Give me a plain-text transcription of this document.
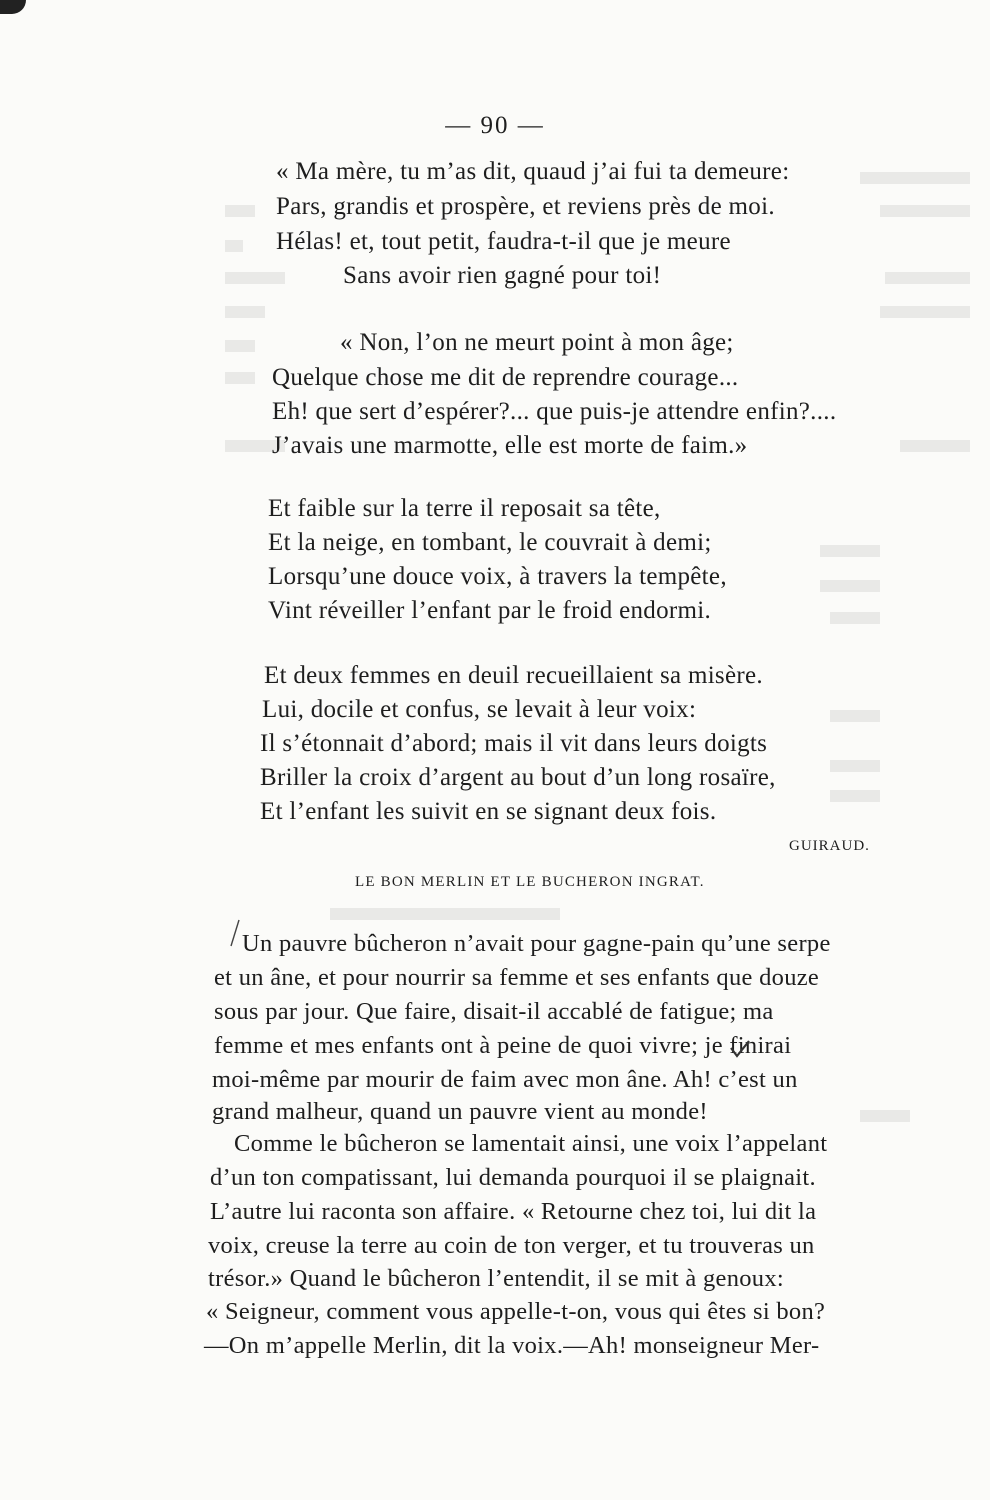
— 90 —
« Ma mère, tu m’as dit, quaud j’ai fui ta demeure:
Pars, grandis et prospère, et reviens près de moi.
Hélas! et, tout petit, faudra-t-il que je meure
Sans avoir rien gagné pour toi!
« Non, l’on ne meurt point à mon âge;
Quelque chose me dit de reprendre courage...
Eh! que sert d’espérer?... que puis-je attendre enfin?....
J’avais une marmotte, elle est morte de faim.»
Et faible sur la terre il reposait sa tête,
Et la neige, en tombant, le couvrait à demi;
Lorsqu’une douce voix, à travers la tempête,
Vint réveiller l’enfant par le froid endormi.
Et deux femmes en deuil recueillaient sa misère.
Lui, docile et confus, se levait à leur voix:
Il s’étonnait d’abord; mais il vit dans leurs doigts
Briller la croix d’argent au bout d’un long rosaïre,
Et l’enfant les suivit en se signant deux fois.
GUIRAUD.
LE BON MERLIN ET LE BUCHERON INGRAT.
Un pauvre bûcheron n’avait pour gagne-pain qu’une serpe
et un âne, et pour nourrir sa femme et ses enfants que douze
sous par jour. Que faire, disait-il accablé de fatigue; ma
femme et mes enfants ont à peine de quoi vivre; je finirai
moi-même par mourir de faim avec mon âne. Ah! c’est un
grand malheur, quand un pauvre vient au monde!
Comme le bûcheron se lamentait ainsi, une voix l’appelant
d’un ton compatissant, lui demanda pourquoi il se plaignait.
L’autre lui raconta son affaire. « Retourne chez toi, lui dit la
voix, creuse la terre au coin de ton verger, et tu trouveras un
trésor.» Quand le bûcheron l’entendit, il se mit à genoux:
« Seigneur, comment vous appelle-t-on, vous qui êtes si bon?
—On m’appelle Merlin, dit la voix.—Ah! monseigneur Mer-
